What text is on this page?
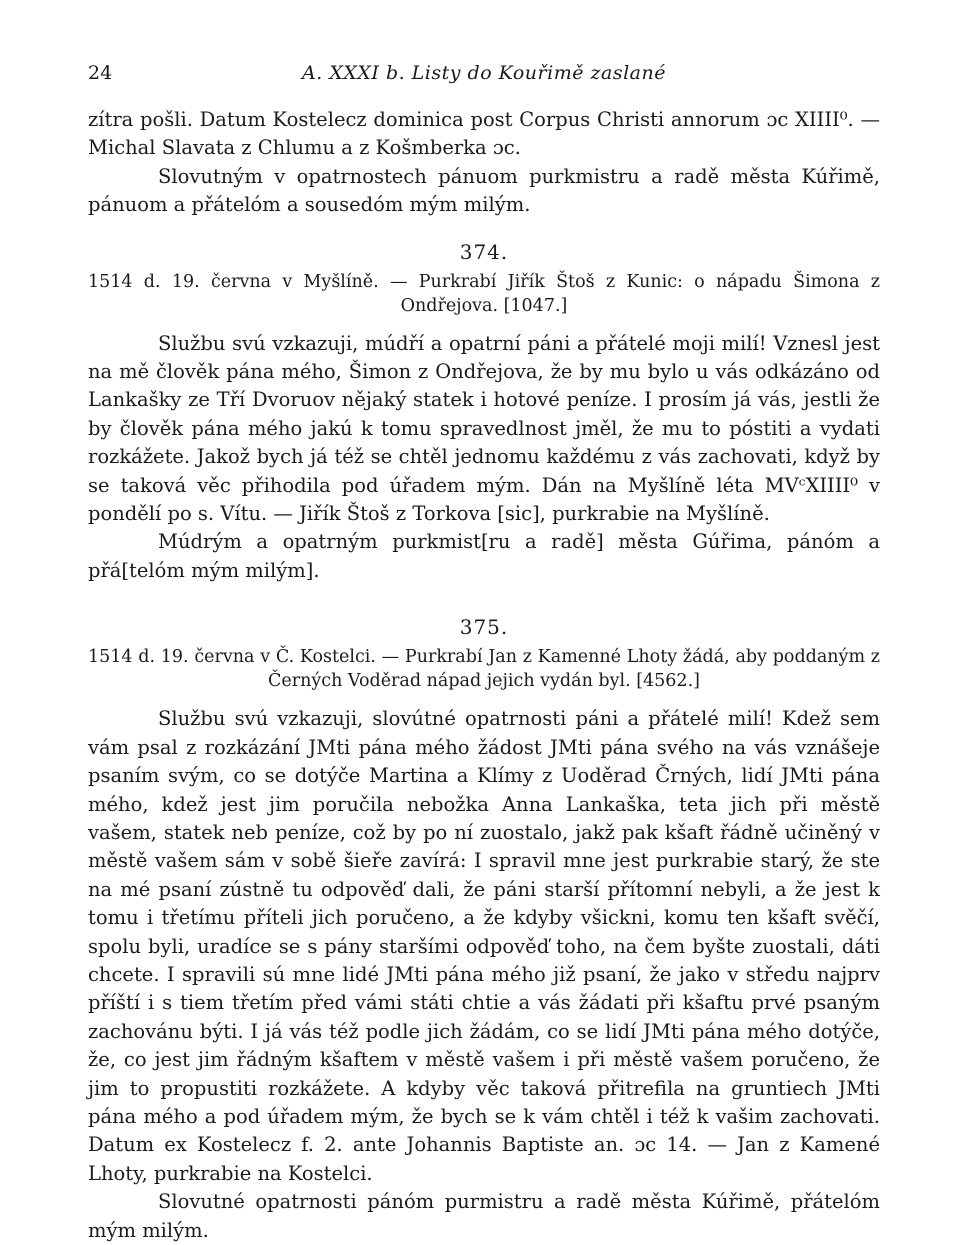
24	A. XXXI b. Listy do Kouřimě zaslané

zítra pošli. Datum Kostelecz dominica post Corpus Christi annorum ɔc XIIII⁰. — Michal Slavata z Chlumu a z Košmberka ɔc.

Slovutným v opatrnostech pánuom purkmistru a radě města Kúřimě, pánuom a přátelóm a sousedóm mým milým.

374.

1514 d. 19. června v Myšlíně. — Purkrabí Jiřík Štoš z Kunic: o nápadu Šimona z Ondřejova. [1047.]

Službu svú vzkazuji, múdří a opatrní páni a přátelé moji milí! Vznesl jest na mě člověk pána mého, Šimon z Ondřejova, že by mu bylo u vás odkázáno od Lankašky ze Tří Dvoruov nějaký statek i hotové peníze. I prosím já vás, jestli že by člověk pána mého jakú k tomu spravedlnost jměl, že mu to póstiti a vydati rozkážete. Jakož bych já též se chtěl jednomu každému z vás zachovati, když by se taková věc přihodila pod úřadem mým. Dán na Myšlíně léta MVᶜXIIII⁰ v pondělí po s. Vítu. — Jiřík Štoš z Torkova [sic], purkrabie na Myšlíně.

Múdrým a opatrným purkmist[ru a radě] města Gúřima, pánóm a přá[telóm mým milým].

375.

1514 d. 19. června v Č. Kostelci. — Purkrabí Jan z Kamenné Lhoty žádá, aby poddaným z Černých Voděrad nápad jejich vydán byl. [4562.]

Službu svú vzkazuji, slovútné opatrnosti páni a přátelé milí! Kdež sem vám psal z rozkázání JMti pána mého žádost JMti pána svého na vás vznášeje psaním svým, co se dotýče Martina a Klímy z Uoděrad Črných, lidí JMti pána mého, kdež jest jim poručila nebožka Anna Lankaška, teta jich při městě vašem, statek neb peníze, což by po ní zuostalo, jakž pak kšaft řádně učiněný v městě vašem sám v sobě šieře zavírá: I spravil mne jest purkrabie starý, že ste na mé psaní zústně tu odpověď dali, že páni starší přítomní nebyli, a že jest k tomu i třetímu příteli jich poručeno, a že kdyby všickni, komu ten kšaft svěčí, spolu byli, uradíce se s pány staršími odpověď toho, na čem byšte zuostali, dáti chcete. I spravili sú mne lidé JMti pána mého již psaní, že jako v středu najprv příští i s tiem třetím před vámi státi chtie a vás žádati při kšaftu prvé psaným zachovánu býti. I já vás též podle jich žádám, co se lidí JMti pána mého dotýče, že, co jest jim řádným kšaftem v městě vašem i při městě vašem poručeno, že jim to propustiti rozkážete. A kdyby věc taková přitrefila na gruntiech JMti pána mého a pod úřadem mým, že bych se k vám chtěl i též k vašim zachovati. Datum ex Kostelecz f. 2. ante Johannis Baptiste an. ɔc 14. — Jan z Kamené Lhoty, purkrabie na Kostelci.

Slovutné opatrnosti pánóm purmistru a radě města Kúřimě, přátelóm mým milým.
